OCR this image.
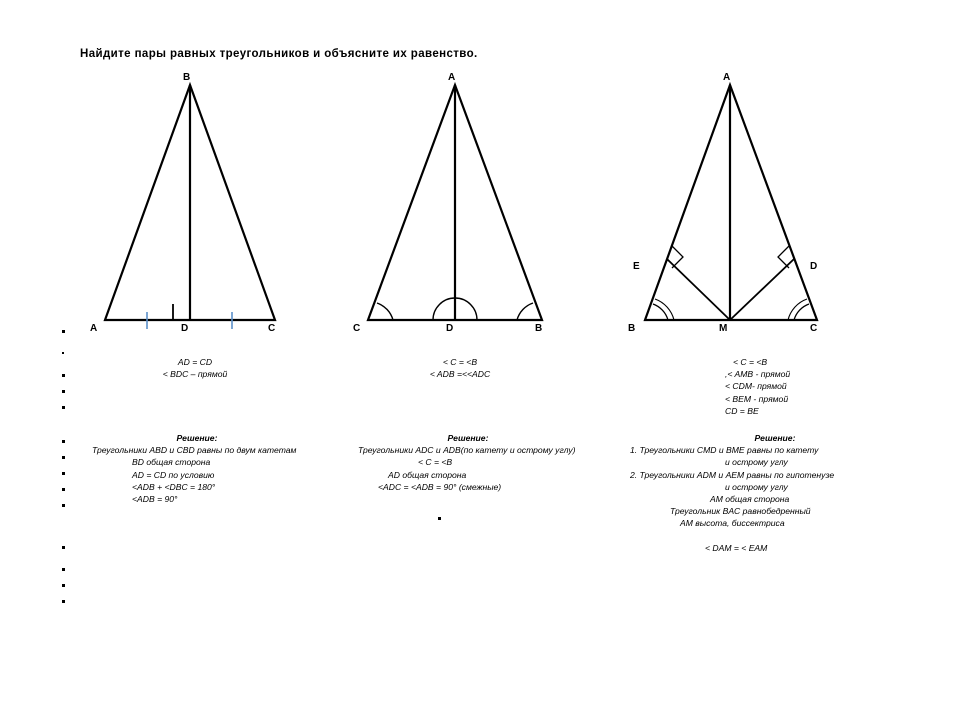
Найдите пары равных треугольников и объясните их равенство.
B
A	D	C
AD = CD
< BDC – прямой
Решение:
Треугольники ABD и CBD равны по двум катетам
BD общая сторона
AD = CD по условию
<ADB + <DBC = 180°
<ADB = 90°
A
C	D	B
< C = <B
< ADB =<<ADC
Решение:
Треугольники ADC и ADB(по катету и острому углу)
< C = <B
AD общая сторона
<ADC = <ADB = 90° (смежные)
A
E	D
B	M	C
< C = <B
,< AMB - прямой
< CDM- прямой
< BEM - прямой
CD = BE
Решение:
1. Треугольники CMD и BME равны по катету
и острому углу
2. Треугольники ADM и AEM равны по гипотенузе
и острому углу
AM общая сторона
Треугольник BAC равнобедренный
AM высота, биссектриса
< DAM = < EAM
